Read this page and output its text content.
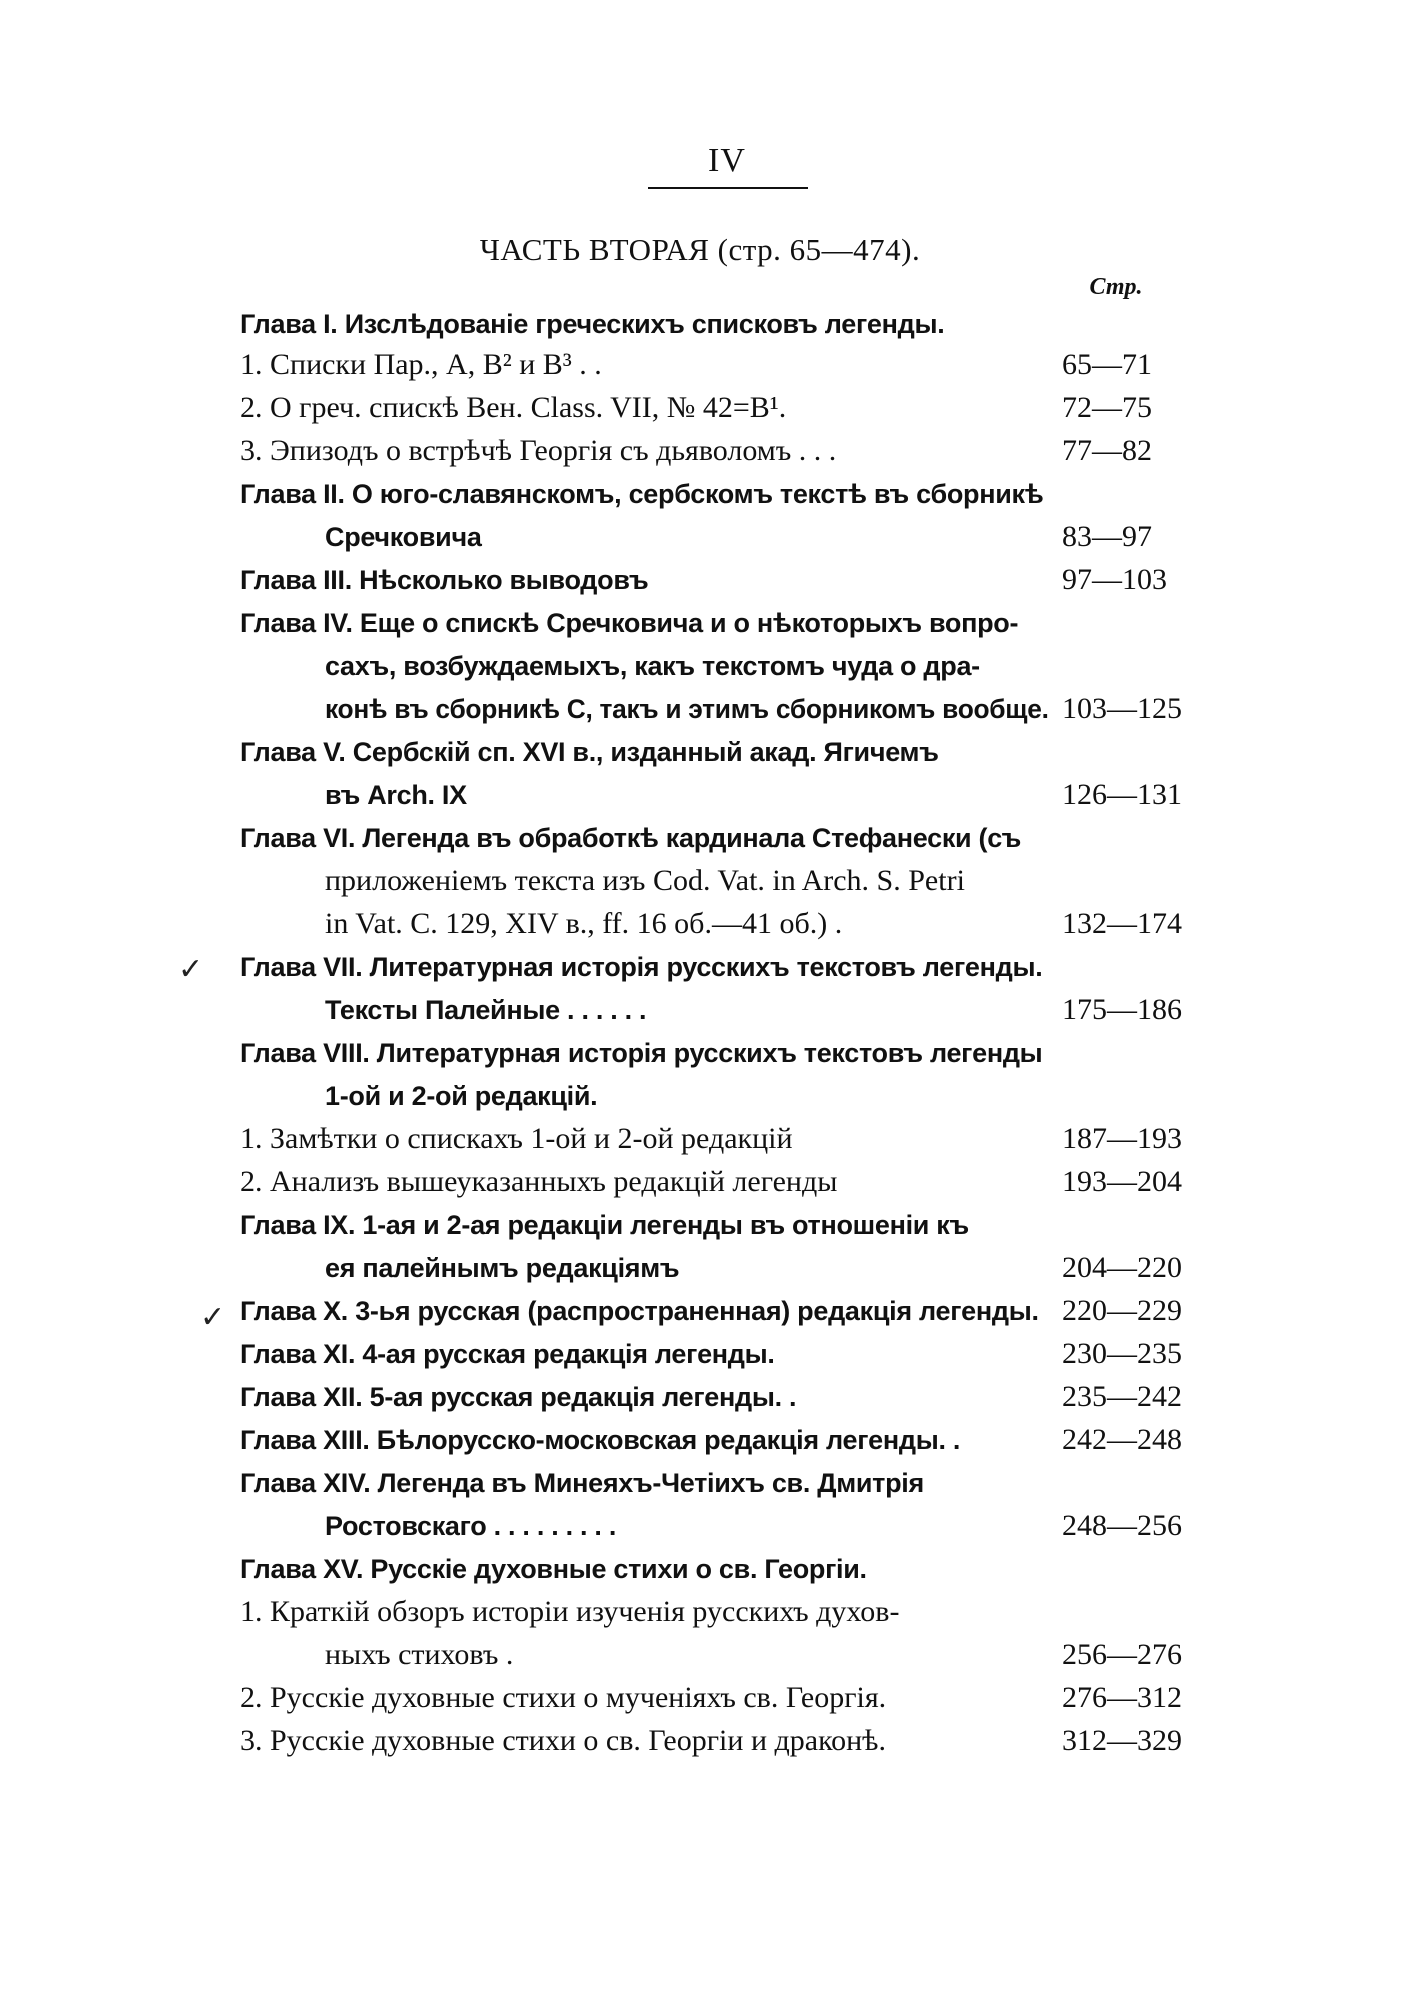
IV
ЧАСТЬ ВТОРАЯ (стр. 65—474).
Стр.
✓
✓
Глава I. Изслѣдованіе греческихъ списковъ легенды.
1. Списки Пар., А, В² и В³ . .	65—71
2. О греч. спискѣ Вен. Class. VII, № 42=В¹.	72—75
3. Эпизодъ о встрѣчѣ Георгія съ дьяволомъ . . .	77—82
Глава II. О юго-славянскомъ, сербскомъ текстѣ въ сборникѣ
Сречковича	83—97
Глава III. Нѣсколько выводовъ	97—103
Глава IV. Еще о спискѣ Сречковича и о нѣкоторыхъ вопро-
сахъ, возбуждаемыхъ, какъ текстомъ чуда о дра-
конѣ въ сборникѣ С, такъ и этимъ сборникомъ вообще. 103—125
Глава V. Сербскій сп. XVI в., изданный акад. Ягичемъ
въ Arch. IX	126—131
Глава VI. Легенда въ обработкѣ кардинала Стефанески (съ
приложеніемъ текста изъ Cod. Vat. in Arch. S. Petri
in Vat. C. 129, XIV в., ff. 16 об.—41 об.) .	132—174
Глава VII. Литературная исторія русскихъ текстовъ легенды.
Тексты Палейные . . . . . .	175—186
Глава VIII. Литературная исторія русскихъ текстовъ легенды
1-ой и 2-ой редакцій.
1. Замѣтки о спискахъ 1-ой и 2-ой редакцій	187—193
2. Анализъ вышеуказанныхъ редакцій легенды	193—204
Глава IX. 1-ая и 2-ая редакціи легенды въ отношеніи къ
ея палейнымъ редакціямъ	204—220
Глава X. 3-ья русская (распространенная) редакція легенды. 220—229
Глава XI. 4-ая русская редакція легенды.	230—235
Глава XII. 5-ая русская редакція легенды. .	235—242
Глава XIII. Бѣлорусско-московская редакція легенды. .	242—248
Глава XIV. Легенда въ Минеяхъ-Четіихъ св. Дмитрія
Ростовскаго . . . . . . . . .	248—256
Глава XV. Русскіе духовные стихи о св. Георгіи.
1. Краткій обзоръ исторіи изученія русскихъ духов-
ныхъ стиховъ .	256—276
2. Русскіе духовные стихи о мученіяхъ св. Георгія.	276—312
3. Русскіе духовные стихи о св. Георгіи и драконѣ.	312—329
